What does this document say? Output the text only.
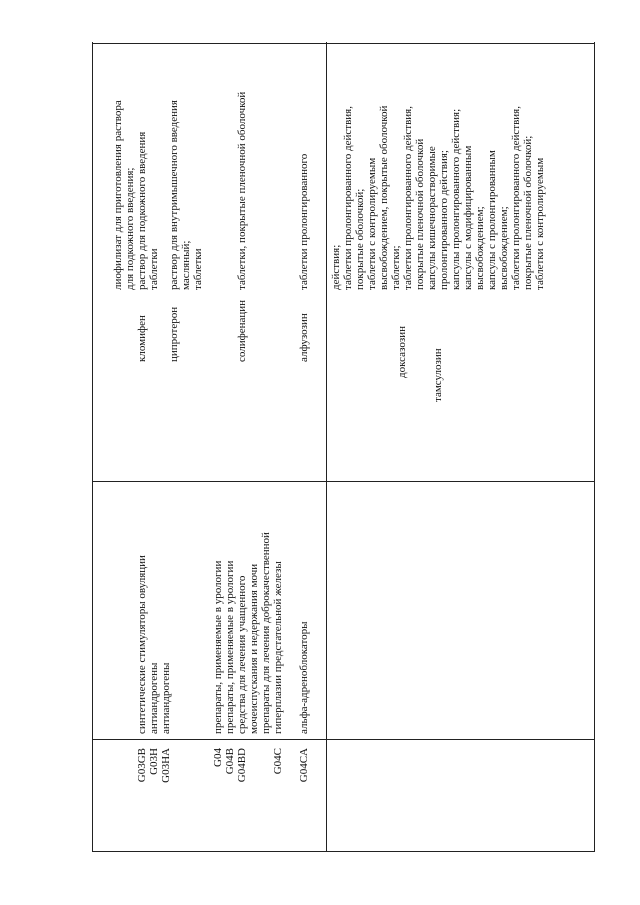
G03GB
G03H
G03HA
синтетические стимуляторы овуляции
антиандрогены
антиандрогены
кломифен
лиофилизат для приготовления раствора
для подкожного введения;
раствор для подкожного введения
таблетки
ципротерон
раствор для внутримышечного введения
масляный;
таблетки
G04
G04B
G04BD
препараты, применяемые в урологии
препараты, применяемые в урологии
средства для лечения учащенного
мочеиспускания и недержания мочи
солифенацин
таблетки, покрытые пленочной оболочкой
G04C
препараты для лечения доброкачественной
гиперплазии предстательной железы
G04CA
альфа-адреноблокаторы
алфузозин
таблетки пролонгированного действия;
таблетки пролонгированного действия,
покрытые оболочкой;
таблетки с контролируемым
высвобождением, покрытые оболочкой
таблетки;
доксазозин
таблетки пролонгированного действия,
покрытые пленочной оболочкой
капсулы кишечнорастворимые
пролонгированного действия;
капсулы пролонгированного действия;
капсулы с модифицированным
высвобождением;
капсулы с пролонгированным
высвобождением;
таблетки пролонгированного действия,
покрытые пленочной оболочкой;
таблетки с контролируемым
тамсулозин
